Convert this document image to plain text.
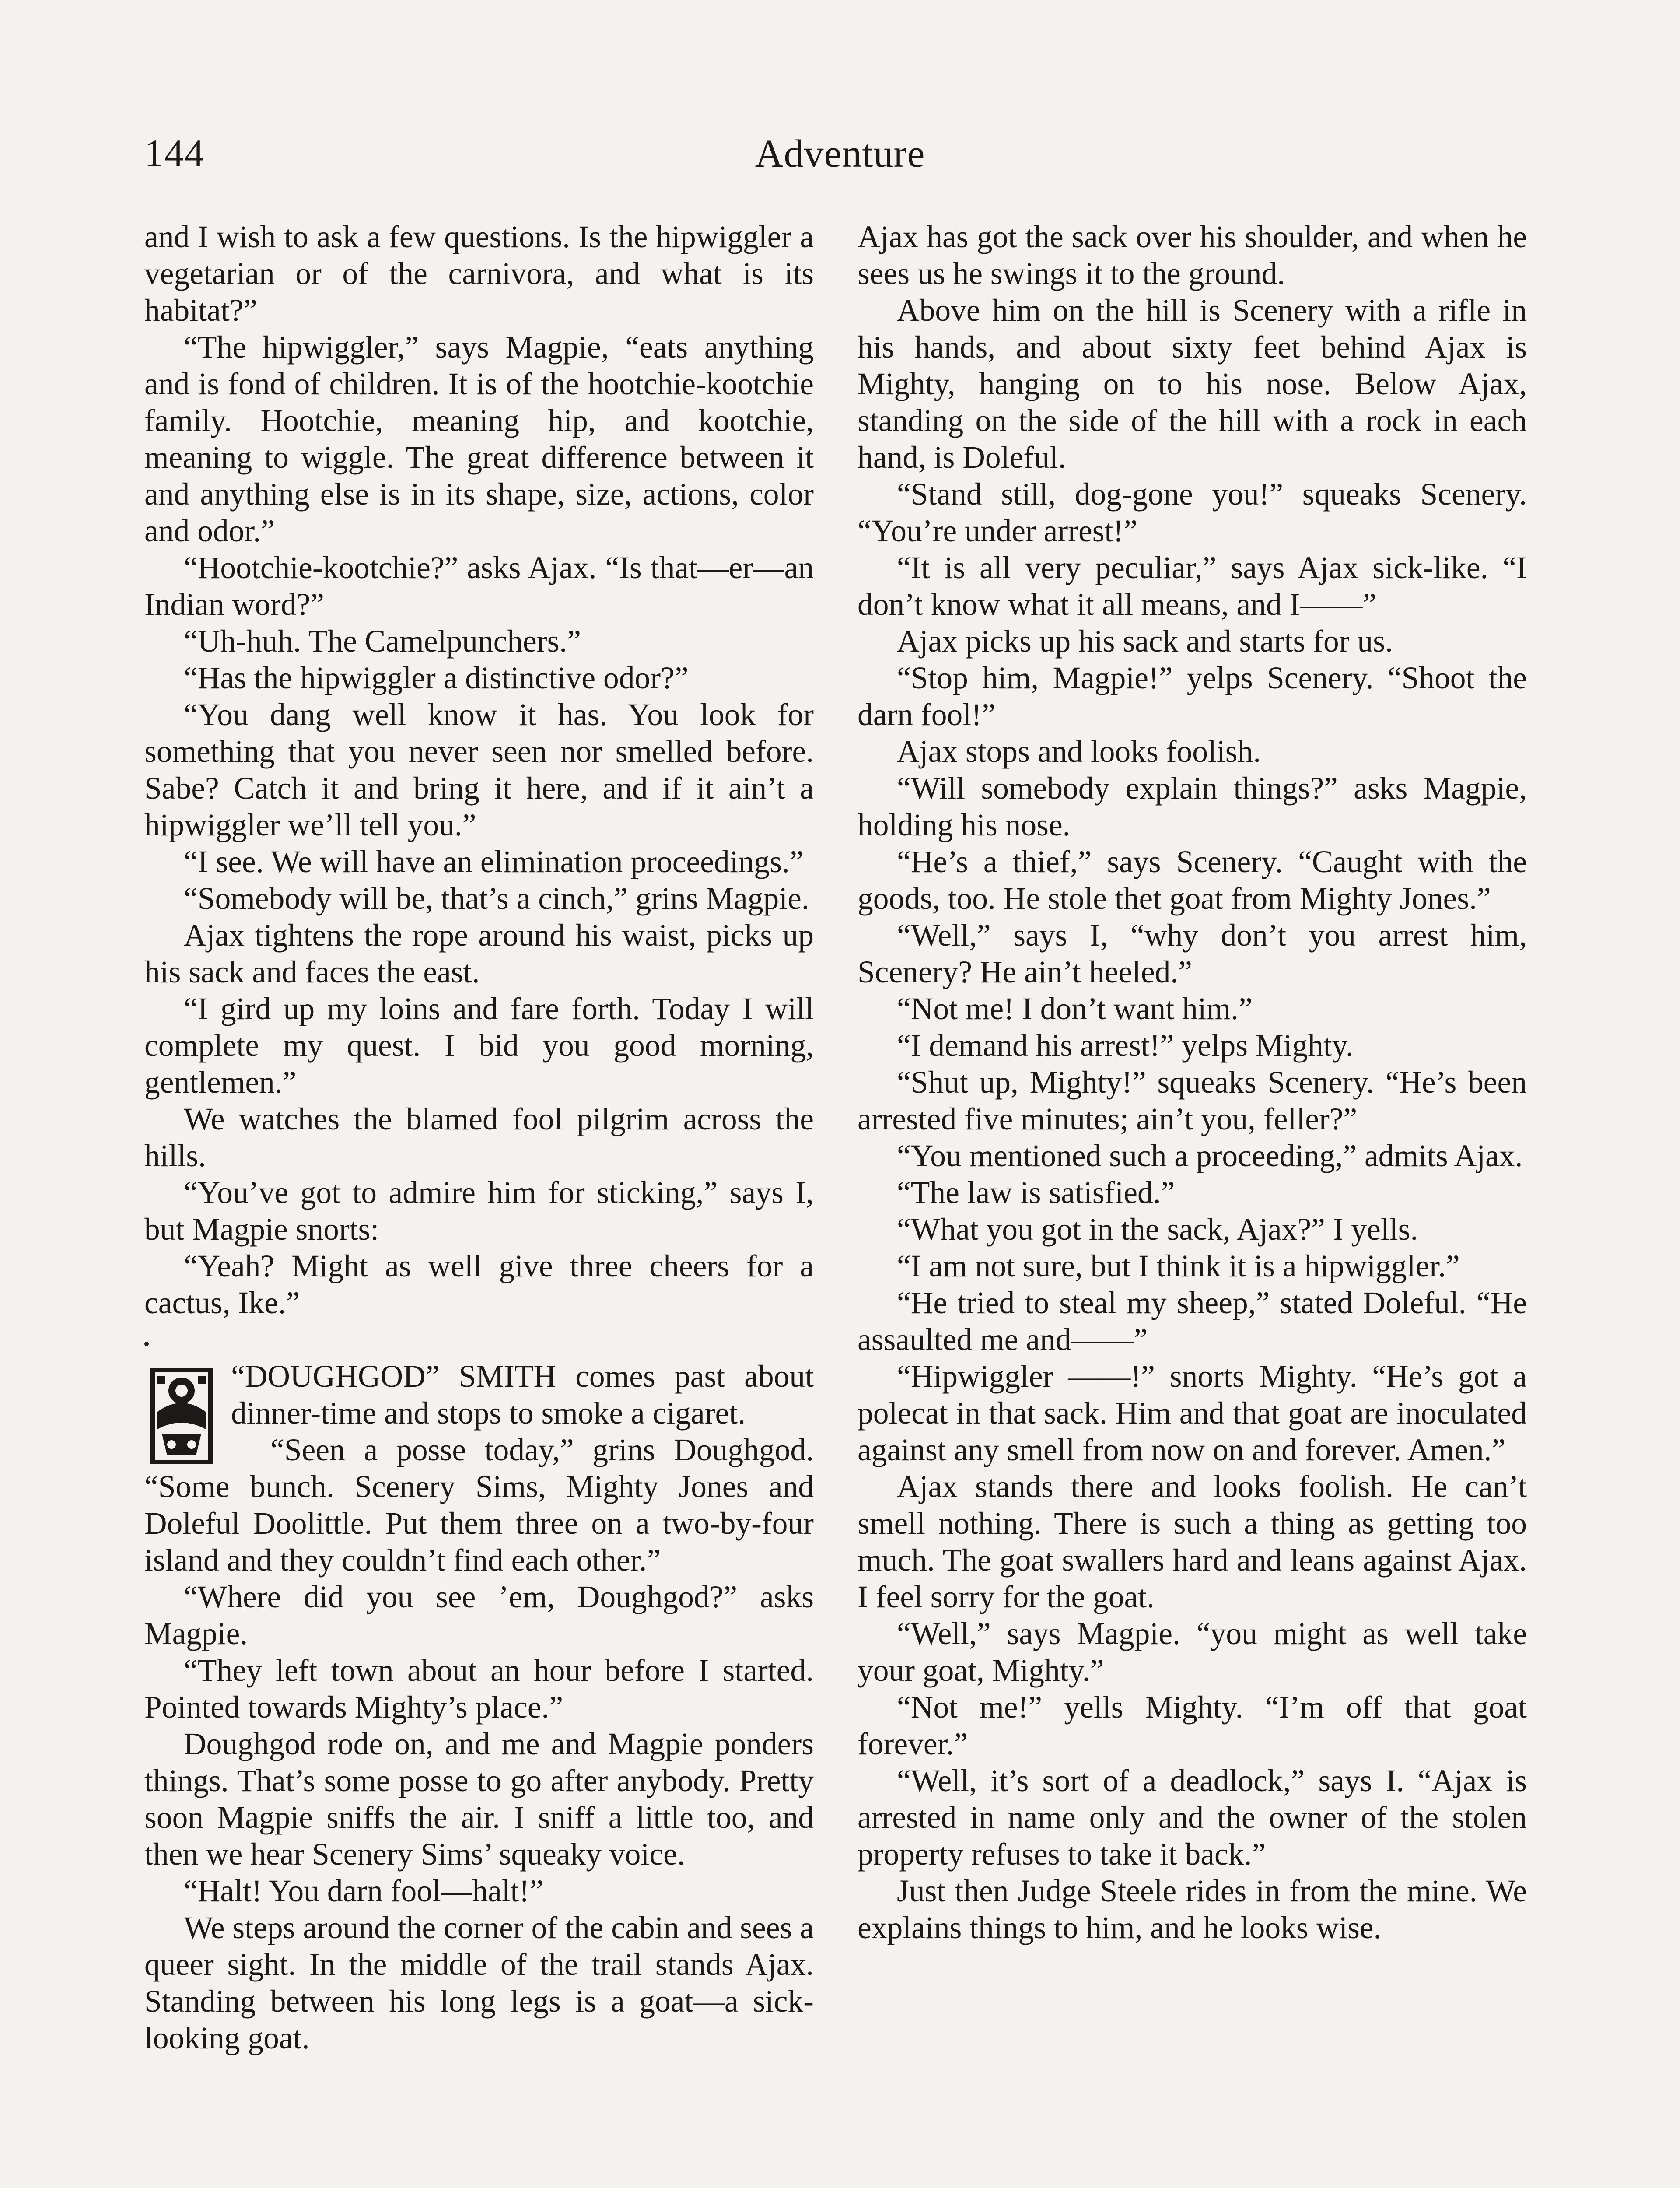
144	Adventure

and I wish to ask a few questions. Is the hipwiggler a vegetarian or of the carnivora, and what is its habitat?”

“The hipwiggler,” says Magpie, “eats anything and is fond of children. It is of the hootchie-kootchie family. Hootchie, meaning hip, and kootchie, meaning to wiggle. The great difference between it and anything else is in its shape, size, actions, color and odor.”

“Hootchie-kootchie?” asks Ajax. “Is that—er—an Indian word?”

“Uh-huh. The Camelpunchers.”

“Has the hipwiggler a distinctive odor?”

“You dang well know it has. You look for something that you never seen nor smelled before. Sabe? Catch it and bring it here, and if it ain’t a hipwiggler we’ll tell you.”

“I see. We will have an elimination proceedings.”

“Somebody will be, that’s a cinch,” grins Magpie.

Ajax tightens the rope around his waist, picks up his sack and faces the east.

“I gird up my loins and fare forth. Today I will complete my quest. I bid you good morning, gentlemen.”

We watches the blamed fool pilgrim across the hills.

“You’ve got to admire him for sticking,” says I, but Magpie snorts:

“Yeah? Might as well give three cheers for a cactus, Ike.”

“DOUGHGOD” SMITH comes past about dinner-time and stops to smoke a cigaret.

“Seen a posse today,” grins Doughgod. “Some bunch. Scenery Sims, Mighty Jones and Doleful Doolittle. Put them three on a two-by-four island and they couldn’t find each other.”

“Where did you see ’em, Doughgod?” asks Magpie.

“They left town about an hour before I started. Pointed towards Mighty’s place.”

Doughgod rode on, and me and Magpie ponders things. That’s some posse to go after anybody. Pretty soon Magpie sniffs the air. I sniff a little too, and then we hear Scenery Sims’ squeaky voice.

“Halt! You darn fool—halt!”

We steps around the corner of the cabin and sees a queer sight. In the middle of the trail stands Ajax. Standing between his long legs is a goat—a sick-looking goat.

Ajax has got the sack over his shoulder, and when he sees us he swings it to the ground.

Above him on the hill is Scenery with a rifle in his hands, and about sixty feet behind Ajax is Mighty, hanging on to his nose. Below Ajax, standing on the side of the hill with a rock in each hand, is Doleful.

“Stand still, dog-gone you!” squeaks Scenery. “You’re under arrest!”

“It is all very peculiar,” says Ajax sick-like. “I don’t know what it all means, and I——”

Ajax picks up his sack and starts for us.

“Stop him, Magpie!” yelps Scenery. “Shoot the darn fool!”

Ajax stops and looks foolish.

“Will somebody explain things?” asks Magpie, holding his nose.

“He’s a thief,” says Scenery. “Caught with the goods, too. He stole thet goat from Mighty Jones.”

“Well,” says I, “why don’t you arrest him, Scenery? He ain’t heeled.”

“Not me! I don’t want him.”

“I demand his arrest!” yelps Mighty.

“Shut up, Mighty!” squeaks Scenery. “He’s been arrested five minutes; ain’t you, feller?”

“You mentioned such a proceeding,” admits Ajax.

“The law is satisfied.”

“What you got in the sack, Ajax?” I yells.

“I am not sure, but I think it is a hipwiggler.”

“He tried to steal my sheep,” stated Doleful. “He assaulted me and——”

“Hipwiggler ——!” snorts Mighty. “He’s got a polecat in that sack. Him and that goat are inoculated against any smell from now on and forever. Amen.”

Ajax stands there and looks foolish. He can’t smell nothing. There is such a thing as getting too much. The goat swallers hard and leans against Ajax. I feel sorry for the goat.

“Well,” says Magpie. “you might as well take your goat, Mighty.”

“Not me!” yells Mighty. “I’m off that goat forever.”

“Well, it’s sort of a deadlock,” says I. “Ajax is arrested in name only and the owner of the stolen property refuses to take it back.”

Just then Judge Steele rides in from the mine. We explains things to him, and he looks wise.
